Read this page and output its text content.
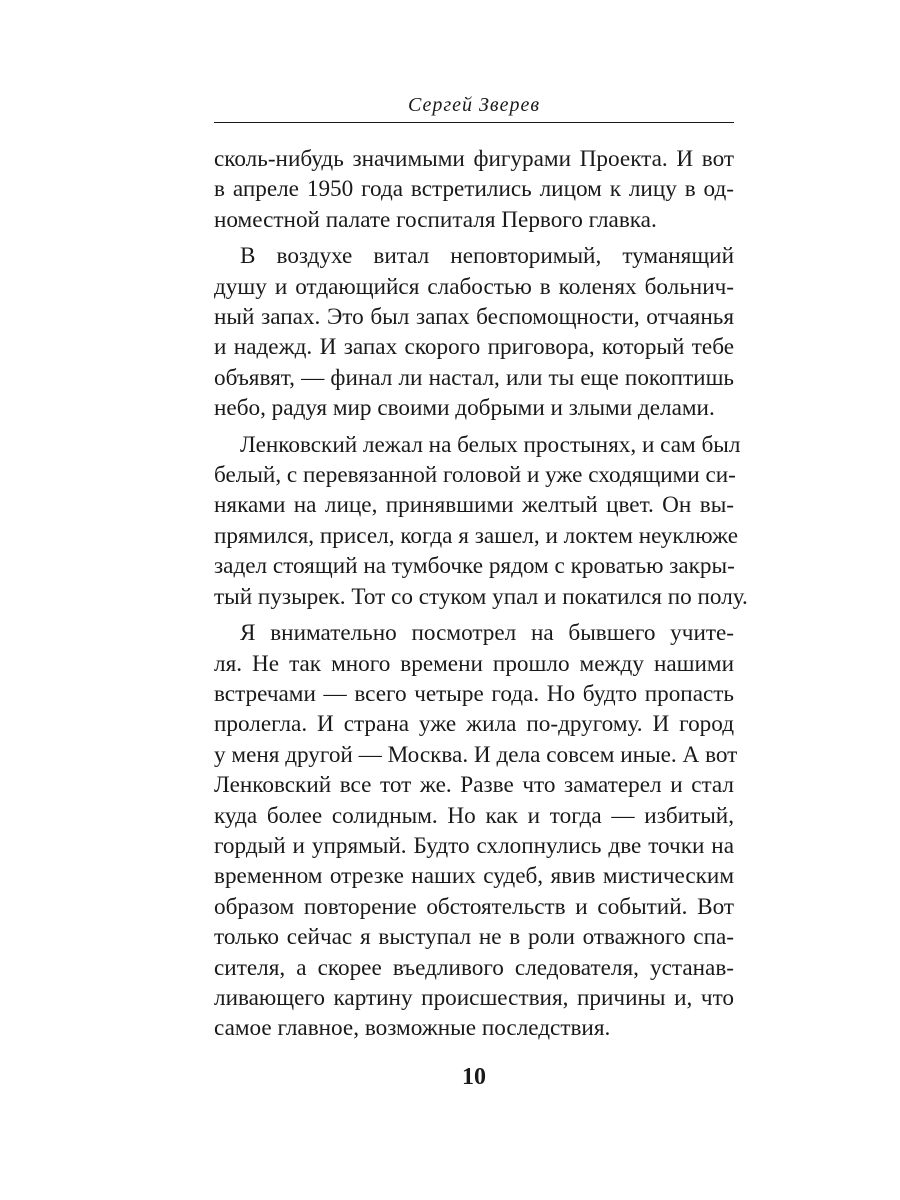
Сергей Зверев
сколь-нибудь значимыми фигурами Проекта. И вот
в апреле 1950 года встретились лицом к лицу в од-
номестной палате госпиталя Первого главка.
В воздухе витал неповторимый, туманящий
душу и отдающийся слабостью в коленях больнич-
ный запах. Это был запах беспомощности, отчаянья
и надежд. И запах скорого приговора, который тебе
объявят, — финал ли настал, или ты еще покоптишь
небо, радуя мир своими добрыми и злыми делами.
Ленковский лежал на белых простынях, и сам был
белый, с перевязанной головой и уже сходящими си-
няками на лице, принявшими желтый цвет. Он вы-
прямился, присел, когда я зашел, и локтем неуклюже
задел стоящий на тумбочке рядом с кроватью закры-
тый пузырек. Тот со стуком упал и покатился по полу.
Я внимательно посмотрел на бывшего учите-
ля. Не так много времени прошло между нашими
встречами — всего четыре года. Но будто пропасть
пролегла. И страна уже жила по-другому. И город
у меня другой — Москва. И дела совсем иные. А вот
Ленковский все тот же. Разве что заматерел и стал
куда более солидным. Но как и тогда — избитый,
гордый и упрямый. Будто схлопнулись две точки на
временном отрезке наших судеб, явив мистическим
образом повторение обстоятельств и событий. Вот
только сейчас я выступал не в роли отважного спа-
сителя, а скорее въедливого следователя, устанав-
ливающего картину происшествия, причины и, что
самое главное, возможные последствия.
10
